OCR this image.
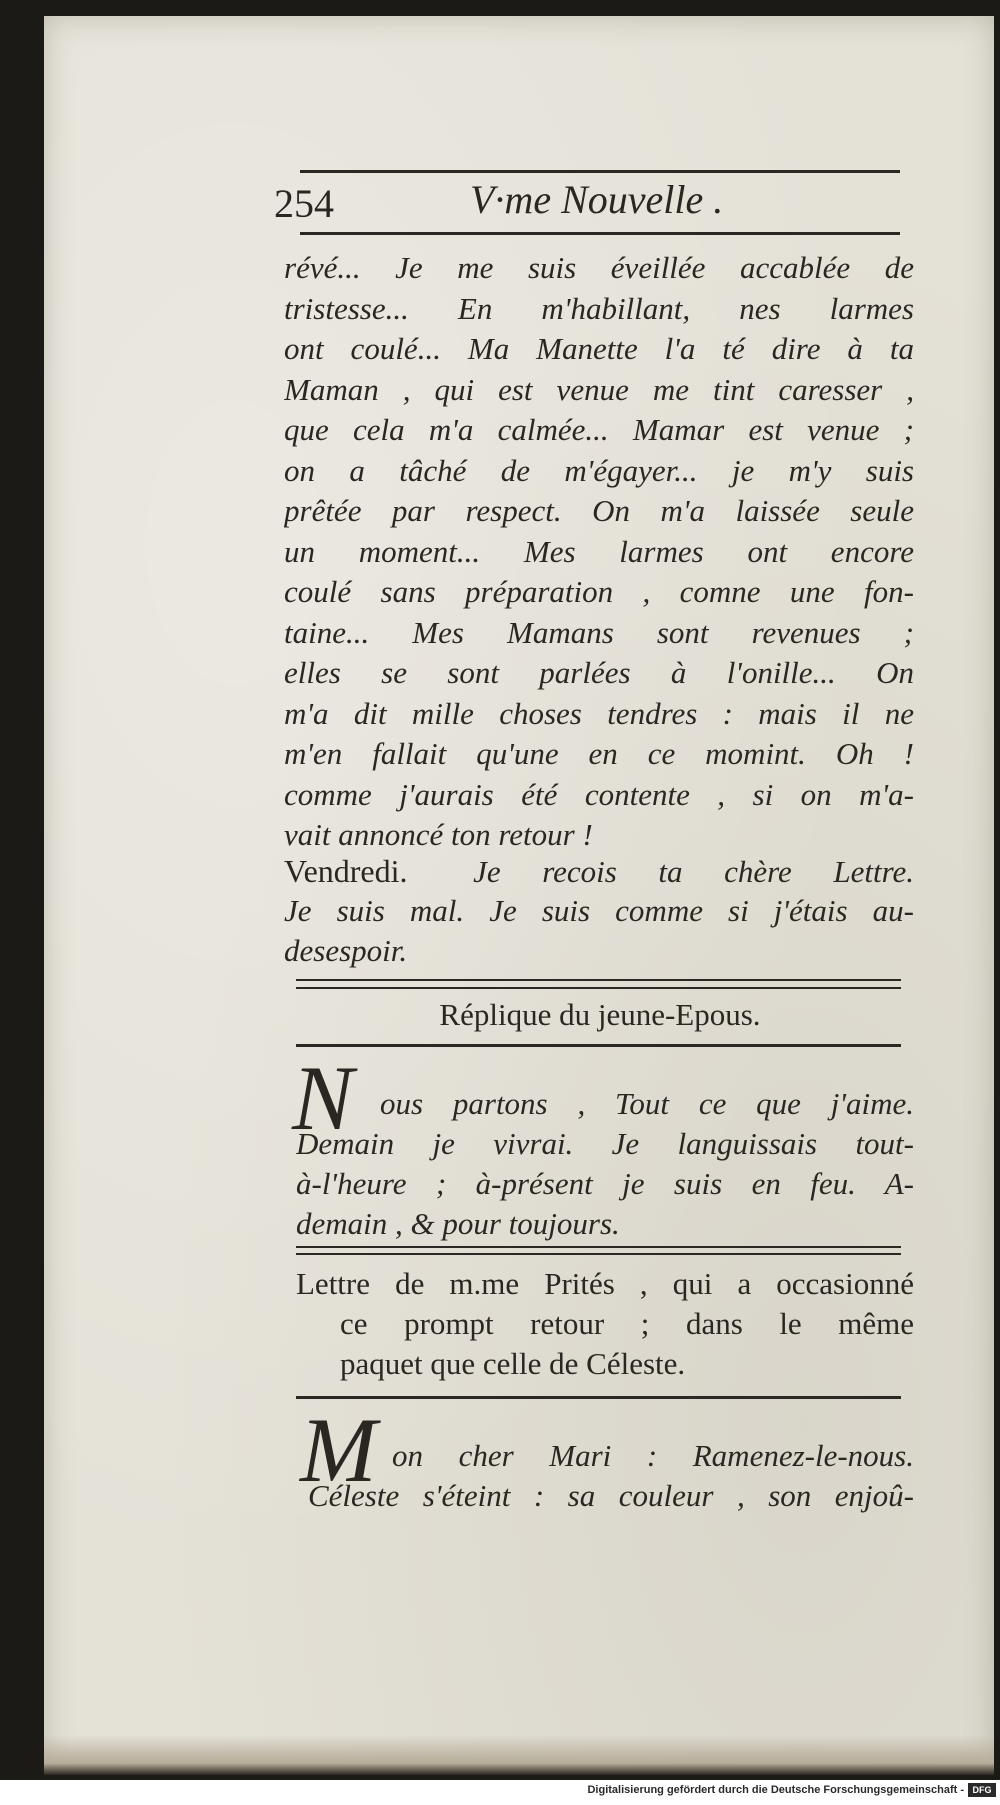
254	V·me Nouvelle .
révé... Je me suis éveillée accablée de
tristesse... En m'habillant, nes larmes
ont coulé... Ma Manette l'a té dire à ta
Maman , qui est venue me tint caresser ,
que cela m'a calmée... Mamar est venue ;
on a tâché de m'égayer... je m'y suis
prêtée par respect. On m'a laissée seule
un moment... Mes larmes ont encore
coulé sans préparation , comne une fon-
taine... Mes Mamans sont revenues ;
elles se sont parlées à l'onille... On
m'a dit mille choses tendres : mais il ne
m'en fallait qu'une en ce momint. Oh !
comme j'aurais été contente , si on m'a-
vait annoncé ton retour !
Vendredi. Je recois ta chère Lettre.
Je suis mal. Je suis comme si j'étais au-
desespoir.
Réplique du jeune-Epous.
N ous partons , Tout ce que j'aime.
Demain je vivrai. Je languissais tout-
à-l'heure ; à-présent je suis en feu. A-
demain , & pour toujours.
Lettre de m.me Prités , qui a occasionné
ce prompt retour ; dans le même
paquet que celle de Céleste.
M on cher Mari : Ramenez-le-nous.
Céleste s'éteint : sa couleur , son enjoû-
Digitalisierung gefördert durch die Deutsche Forschungsgemeinschaft - DFG
